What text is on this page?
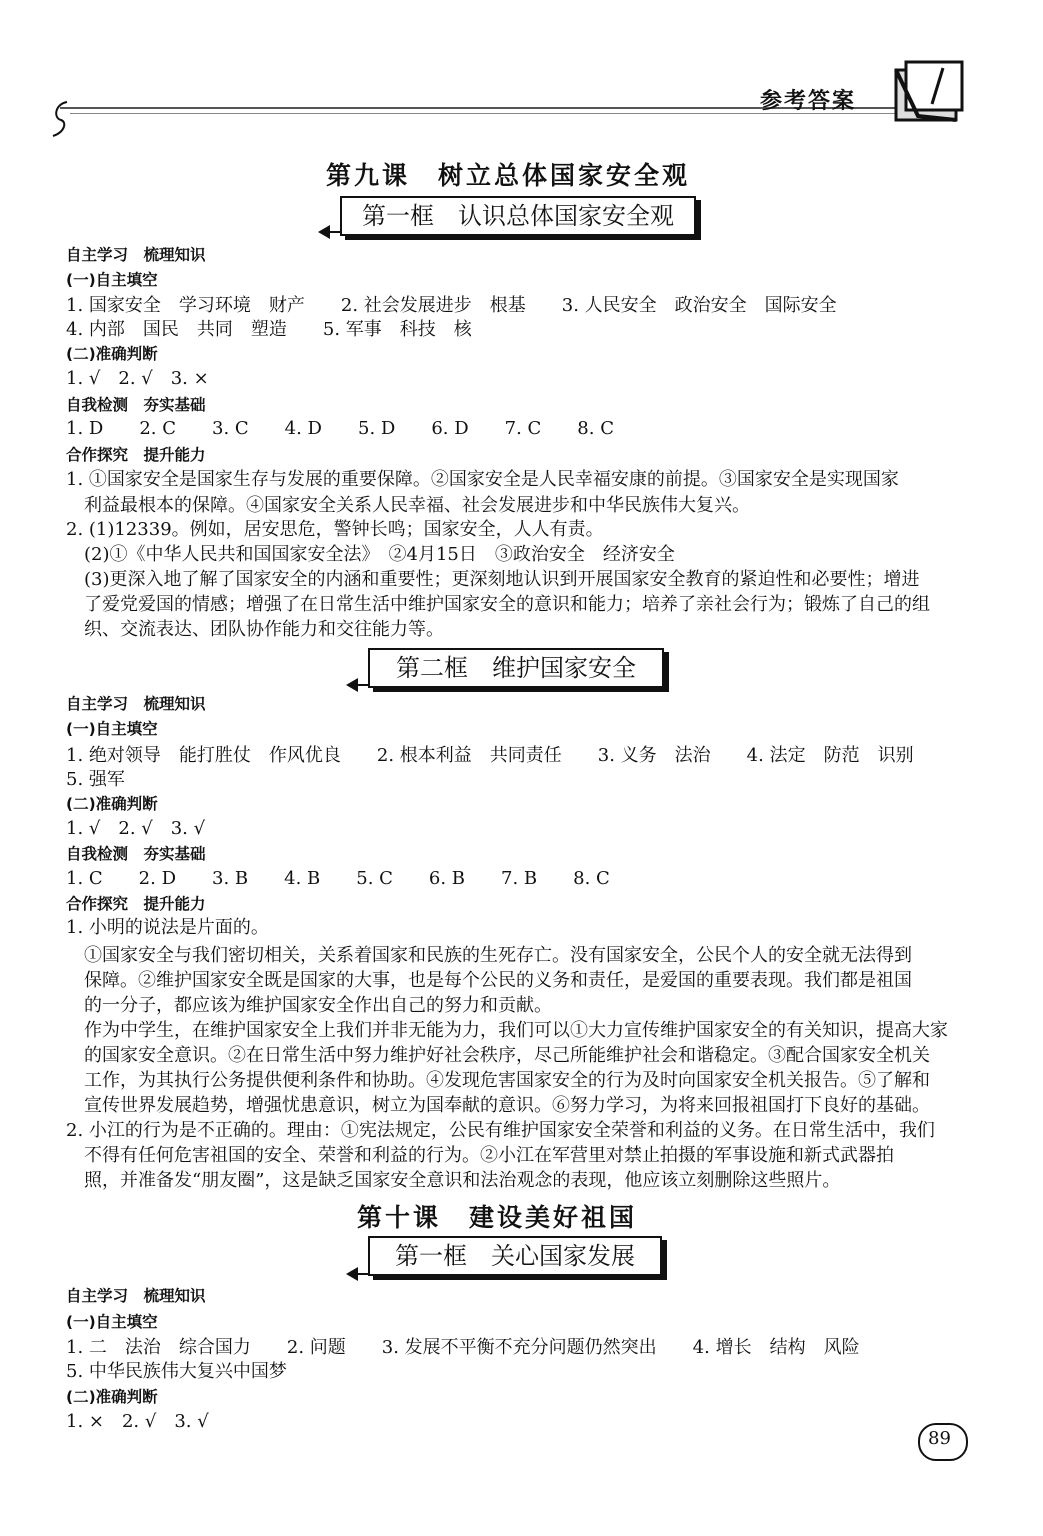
参考答案
第九课　树立总体国家安全观
第一框　认识总体国家安全观
自主学习　梳理知识
(一)自主填空
1. 国家安全　学习环境　财产　　2. 社会发展进步　根基　　3. 人民安全　政治安全　国际安全
4. 内部　国民　共同　塑造　　5. 军事　科技　核
(二)准确判断
1. √　2. √　3. ×
自我检测　夯实基础
1. D　　2. C　　3. C　　4. D　　5. D　　6. D　　7. C　　8. C
合作探究　提升能力
1. ①国家安全是国家生存与发展的重要保障。②国家安全是人民幸福安康的前提。③国家安全是实现国家
利益最根本的保障。④国家安全关系人民幸福、社会发展进步和中华民族伟大复兴。
2. (1)12339。例如，居安思危，警钟长鸣；国家安全，人人有责。
(2)①《中华人民共和国国家安全法》　②4月15日　③政治安全　经济安全
(3)更深入地了解了国家安全的内涵和重要性；更深刻地认识到开展国家安全教育的紧迫性和必要性；增进
了爱党爱国的情感；增强了在日常生活中维护国家安全的意识和能力；培养了亲社会行为；锻炼了自己的组
织、交流表达、团队协作能力和交往能力等。
第二框　维护国家安全
自主学习　梳理知识
(一)自主填空
1. 绝对领导　能打胜仗　作风优良　　2. 根本利益　共同责任　　3. 义务　法治　　4. 法定　防范　识别
5. 强军
(二)准确判断
1. √　2. √　3. √
自我检测　夯实基础
1. C　　2. D　　3. B　　4. B　　5. C　　6. B　　7. B　　8. C
合作探究　提升能力
1. 小明的说法是片面的。
①国家安全与我们密切相关，关系着国家和民族的生死存亡。没有国家安全，公民个人的安全就无法得到
保障。②维护国家安全既是国家的大事，也是每个公民的义务和责任，是爱国的重要表现。我们都是祖国
的一分子，都应该为维护国家安全作出自己的努力和贡献。
作为中学生，在维护国家安全上我们并非无能为力，我们可以①大力宣传维护国家安全的有关知识，提高大家
的国家安全意识。②在日常生活中努力维护好社会秩序，尽己所能维护社会和谐稳定。③配合国家安全机关
工作，为其执行公务提供便利条件和协助。④发现危害国家安全的行为及时向国家安全机关报告。⑤了解和
宣传世界发展趋势，增强忧患意识，树立为国奉献的意识。⑥努力学习，为将来回报祖国打下良好的基础。
2. 小江的行为是不正确的。理由：①宪法规定，公民有维护国家安全荣誉和利益的义务。在日常生活中，我们
不得有任何危害祖国的安全、荣誉和利益的行为。②小江在军营里对禁止拍摄的军事设施和新式武器拍
照，并准备发“朋友圈”，这是缺乏国家安全意识和法治观念的表现，他应该立刻删除这些照片。
第十课　建设美好祖国
第一框　关心国家发展
自主学习　梳理知识
(一)自主填空
1. 二　法治　综合国力　　2. 问题　　3. 发展不平衡不充分问题仍然突出　　4. 增长　结构　风险
5. 中华民族伟大复兴中国梦
(二)准确判断
1. ×　2. √　3. √
89
